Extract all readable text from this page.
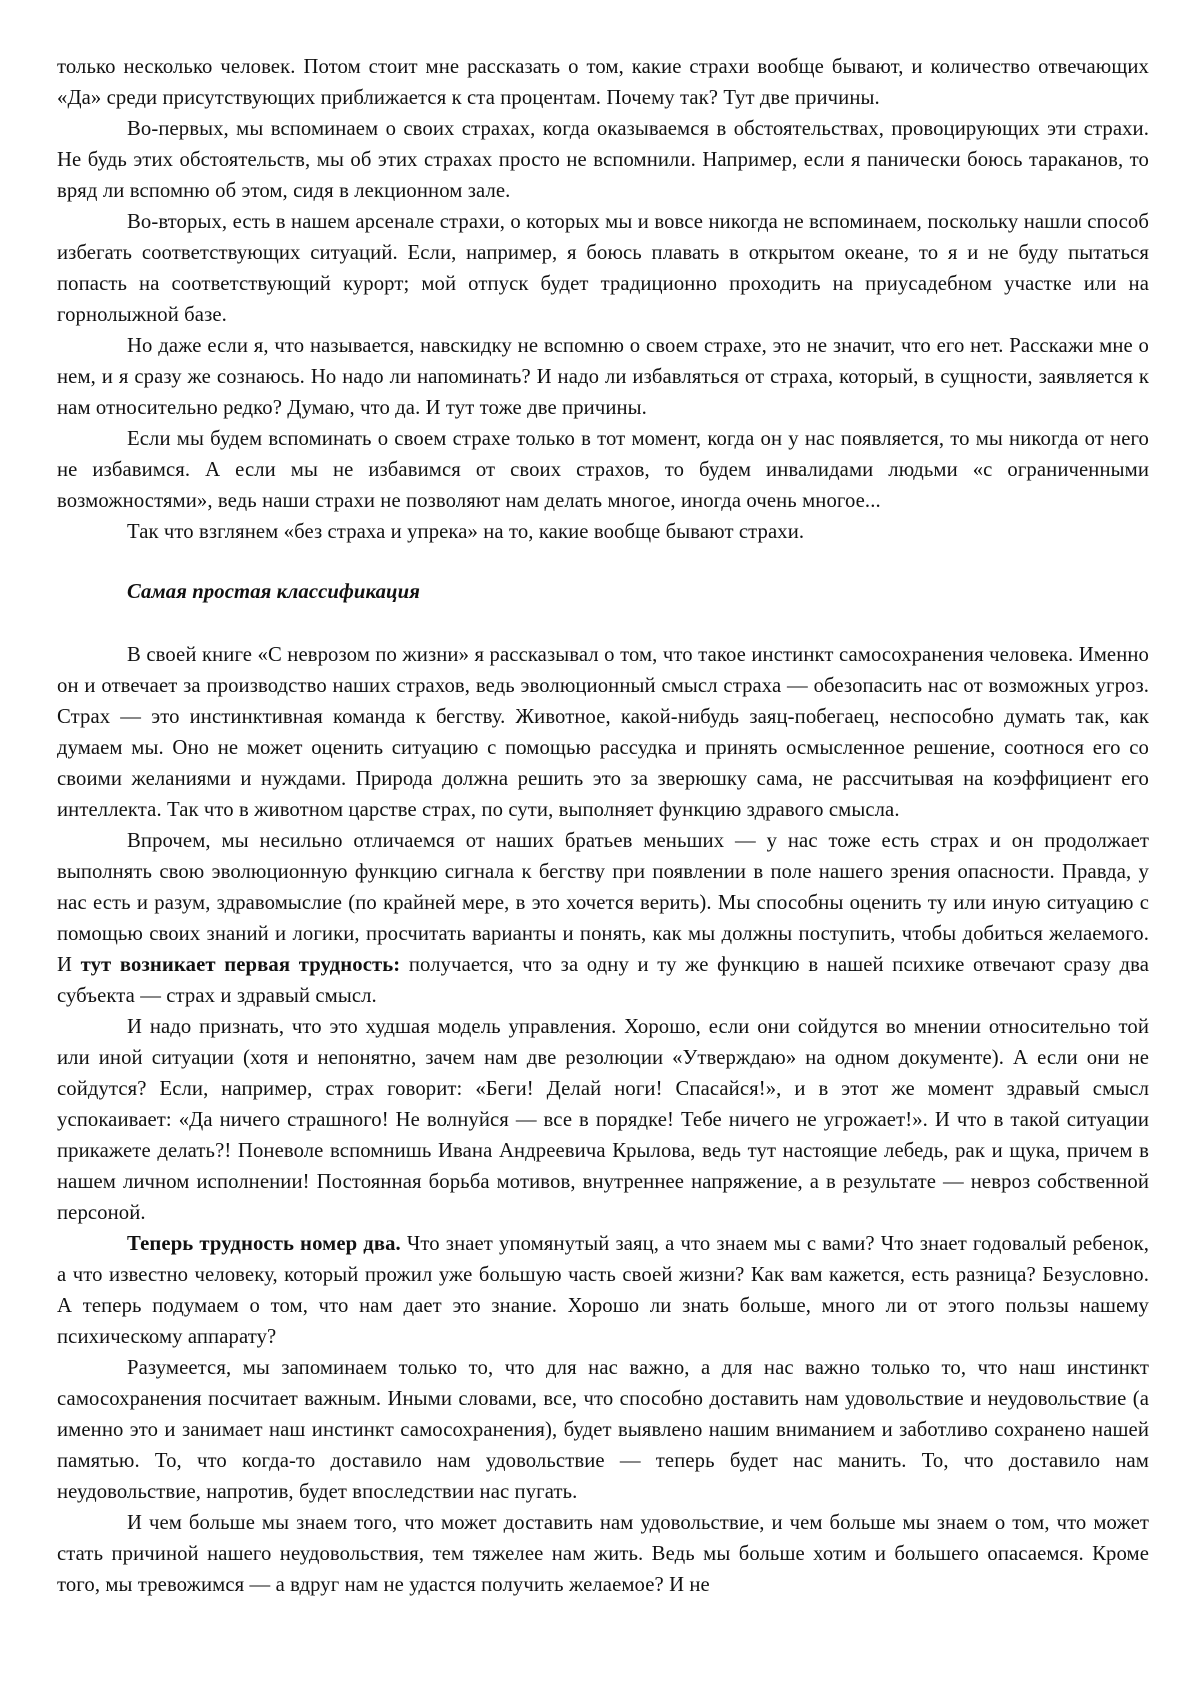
только несколько человек. Потом стоит мне рассказать о том, какие страхи вообще бывают, и количество отвечающих «Да» среди присутствующих приближается к ста процентам. Почему так? Тут две причины.

Во-первых, мы вспоминаем о своих страхах, когда оказываемся в обстоятельствах, провоцирующих эти страхи. Не будь этих обстоятельств, мы об этих страхах просто не вспомнили. Например, если я панически боюсь тараканов, то вряд ли вспомню об этом, сидя в лекционном зале.

Во-вторых, есть в нашем арсенале страхи, о которых мы и вовсе никогда не вспоминаем, поскольку нашли способ избегать соответствующих ситуаций. Если, например, я боюсь плавать в открытом океане, то я и не буду пытаться попасть на соответствующий курорт; мой отпуск будет традиционно проходить на приусадебном участке или на горнолыжной базе.

Но даже если я, что называется, навскидку не вспомню о своем страхе, это не значит, что его нет. Расскажи мне о нем, и я сразу же сознаюсь. Но надо ли напоминать? И надо ли избавляться от страха, который, в сущности, заявляется к нам относительно редко? Думаю, что да. И тут тоже две причины.

Если мы будем вспоминать о своем страхе только в тот момент, когда он у нас появляется, то мы никогда от него не избавимся. А если мы не избавимся от своих страхов, то будем инвалидами людьми «с ограниченными возможностями», ведь наши страхи не позволяют нам делать многое, иногда очень многое...

Так что взглянем «без страха и упрека» на то, какие вообще бывают страхи.

Самая простая классификация

В своей книге «С неврозом по жизни» я рассказывал о том, что такое инстинкт самосохранения человека. Именно он и отвечает за производство наших страхов, ведь эволюционный смысл страха — обезопасить нас от возможных угроз. Страх — это инстинктивная команда к бегству. Животное, какой-нибудь заяц-побегаец, неспособно думать так, как думаем мы. Оно не может оценить ситуацию с помощью рассудка и принять осмысленное решение, соотнося его со своими желаниями и нуждами. Природа должна решить это за зверюшку сама, не рассчитывая на коэффициент его интеллекта. Так что в животном царстве страх, по сути, выполняет функцию здравого смысла.

Впрочем, мы несильно отличаемся от наших братьев меньших — у нас тоже есть страх и он продолжает выполнять свою эволюционную функцию сигнала к бегству при появлении в поле нашего зрения опасности. Правда, у нас есть и разум, здравомыслие (по крайней мере, в это хочется верить). Мы способны оценить ту или иную ситуацию с помощью своих знаний и логики, просчитать варианты и понять, как мы должны поступить, чтобы добиться желаемого. И тут возникает первая трудность: получается, что за одну и ту же функцию в нашей психике отвечают сразу два субъекта — страх и здравый смысл.

И надо признать, что это худшая модель управления. Хорошо, если они сойдутся во мнении относительно той или иной ситуации (хотя и непонятно, зачем нам две резолюции «Утверждаю» на одном документе). А если они не сойдутся? Если, например, страх говорит: «Беги! Делай ноги! Спасайся!», и в этот же момент здравый смысл успокаивает: «Да ничего страшного! Не волнуйся — все в порядке! Тебе ничего не угрожает!». И что в такой ситуации прикажете делать?! Поневоле вспомнишь Ивана Андреевича Крылова, ведь тут настоящие лебедь, рак и щука, причем в нашем личном исполнении! Постоянная борьба мотивов, внутреннее напряжение, а в результате — невроз собственной персоной.

Теперь трудность номер два. Что знает упомянутый заяц, а что знаем мы с вами? Что знает годовалый ребенок, а что известно человеку, который прожил уже большую часть своей жизни? Как вам кажется, есть разница? Безусловно. А теперь подумаем о том, что нам дает это знание. Хорошо ли знать больше, много ли от этого пользы нашему психическому аппарату?

Разумеется, мы запоминаем только то, что для нас важно, а для нас важно только то, что наш инстинкт самосохранения посчитает важным. Иными словами, все, что способно доставить нам удовольствие и неудовольствие (а именно это и занимает наш инстинкт самосохранения), будет выявлено нашим вниманием и заботливо сохранено нашей памятью. То, что когда-то доставило нам удовольствие — теперь будет нас манить. То, что доставило нам неудовольствие, напротив, будет впоследствии нас пугать.

И чем больше мы знаем того, что может доставить нам удовольствие, и чем больше мы знаем о том, что может стать причиной нашего неудовольствия, тем тяжелее нам жить. Ведь мы больше хотим и большего опасаемся. Кроме того, мы тревожимся — а вдруг нам не удастся получить желаемое? И не
